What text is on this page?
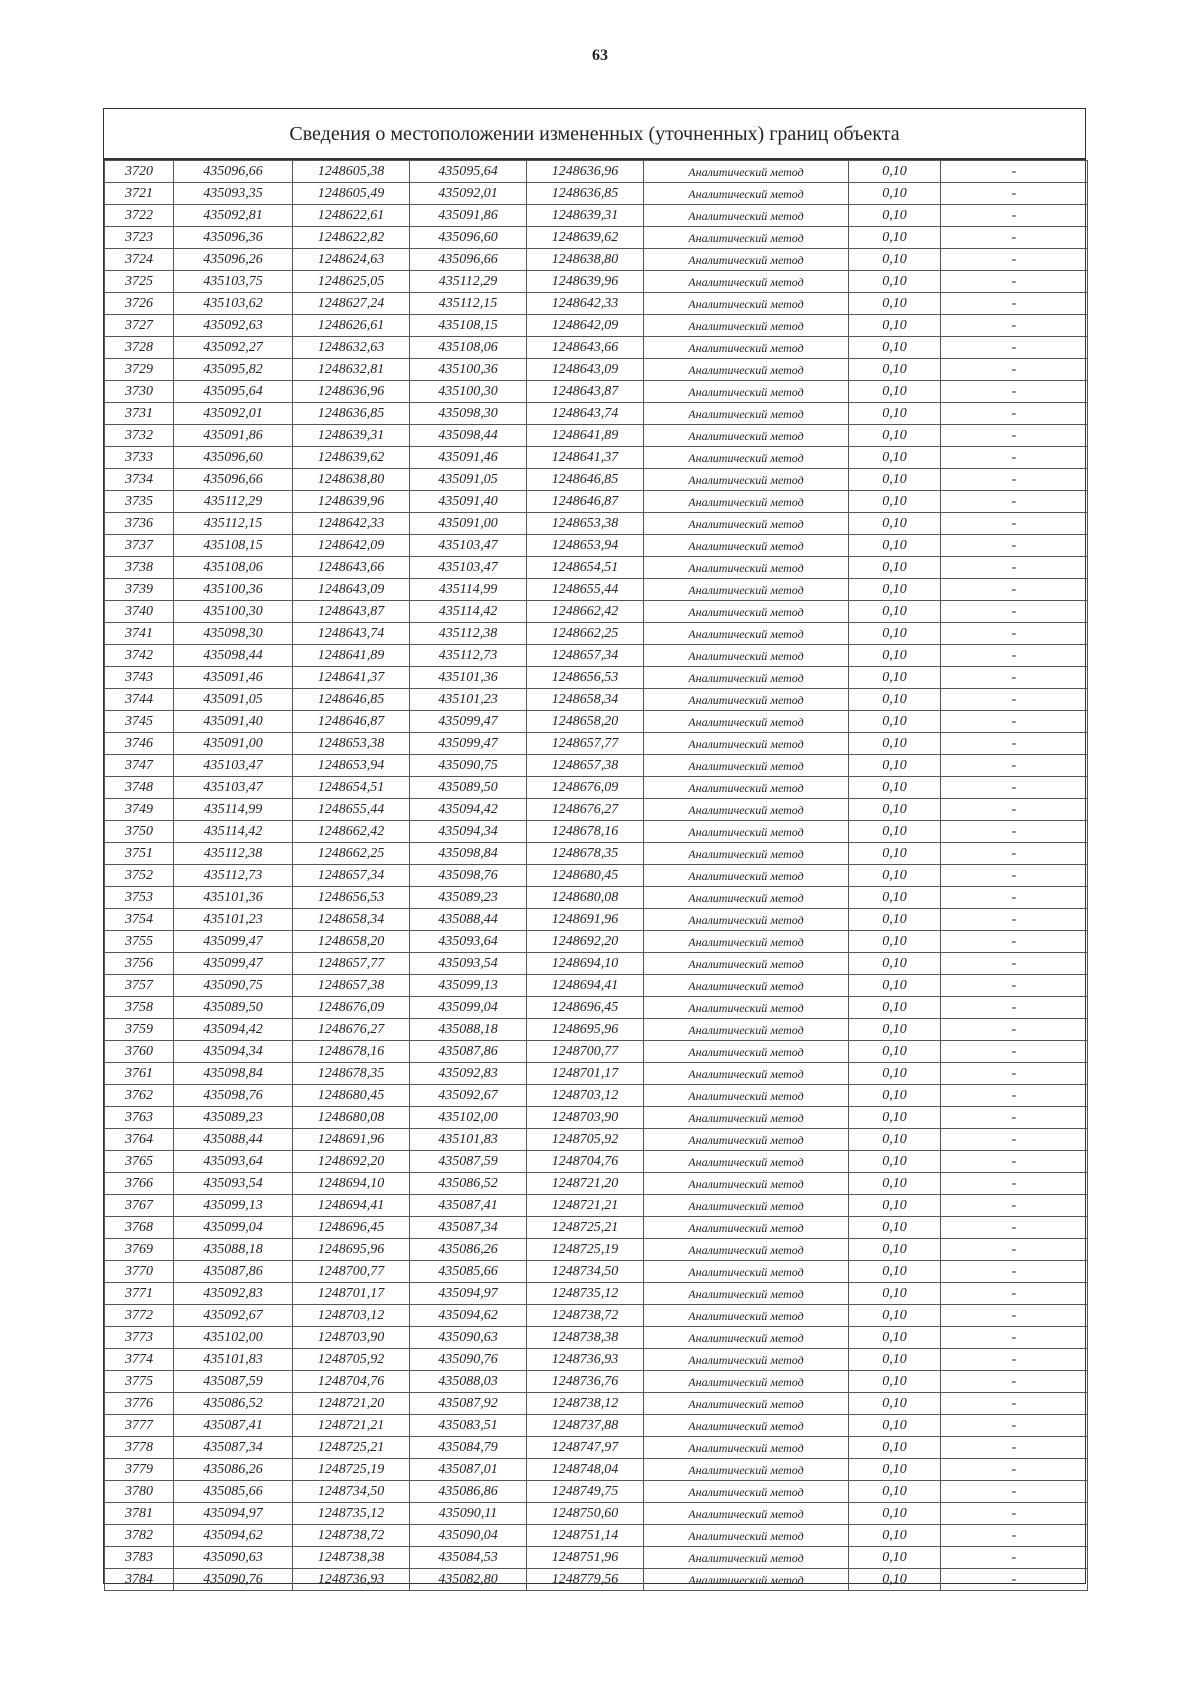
63
Сведения о местоположении измененных (уточненных) границ объекта
3720	435096,66	1248605,38	435095,64	1248636,96	Аналитический метод	0,10	-
3721	435093,35	1248605,49	435092,01	1248636,85	Аналитический метод	0,10	-
3722	435092,81	1248622,61	435091,86	1248639,31	Аналитический метод	0,10	-
3723	435096,36	1248622,82	435096,60	1248639,62	Аналитический метод	0,10	-
3724	435096,26	1248624,63	435096,66	1248638,80	Аналитический метод	0,10	-
3725	435103,75	1248625,05	435112,29	1248639,96	Аналитический метод	0,10	-
3726	435103,62	1248627,24	435112,15	1248642,33	Аналитический метод	0,10	-
3727	435092,63	1248626,61	435108,15	1248642,09	Аналитический метод	0,10	-
3728	435092,27	1248632,63	435108,06	1248643,66	Аналитический метод	0,10	-
3729	435095,82	1248632,81	435100,36	1248643,09	Аналитический метод	0,10	-
3730	435095,64	1248636,96	435100,30	1248643,87	Аналитический метод	0,10	-
3731	435092,01	1248636,85	435098,30	1248643,74	Аналитический метод	0,10	-
3732	435091,86	1248639,31	435098,44	1248641,89	Аналитический метод	0,10	-
3733	435096,60	1248639,62	435091,46	1248641,37	Аналитический метод	0,10	-
3734	435096,66	1248638,80	435091,05	1248646,85	Аналитический метод	0,10	-
3735	435112,29	1248639,96	435091,40	1248646,87	Аналитический метод	0,10	-
3736	435112,15	1248642,33	435091,00	1248653,38	Аналитический метод	0,10	-
3737	435108,15	1248642,09	435103,47	1248653,94	Аналитический метод	0,10	-
3738	435108,06	1248643,66	435103,47	1248654,51	Аналитический метод	0,10	-
3739	435100,36	1248643,09	435114,99	1248655,44	Аналитический метод	0,10	-
3740	435100,30	1248643,87	435114,42	1248662,42	Аналитический метод	0,10	-
3741	435098,30	1248643,74	435112,38	1248662,25	Аналитический метод	0,10	-
3742	435098,44	1248641,89	435112,73	1248657,34	Аналитический метод	0,10	-
3743	435091,46	1248641,37	435101,36	1248656,53	Аналитический метод	0,10	-
3744	435091,05	1248646,85	435101,23	1248658,34	Аналитический метод	0,10	-
3745	435091,40	1248646,87	435099,47	1248658,20	Аналитический метод	0,10	-
3746	435091,00	1248653,38	435099,47	1248657,77	Аналитический метод	0,10	-
3747	435103,47	1248653,94	435090,75	1248657,38	Аналитический метод	0,10	-
3748	435103,47	1248654,51	435089,50	1248676,09	Аналитический метод	0,10	-
3749	435114,99	1248655,44	435094,42	1248676,27	Аналитический метод	0,10	-
3750	435114,42	1248662,42	435094,34	1248678,16	Аналитический метод	0,10	-
3751	435112,38	1248662,25	435098,84	1248678,35	Аналитический метод	0,10	-
3752	435112,73	1248657,34	435098,76	1248680,45	Аналитический метод	0,10	-
3753	435101,36	1248656,53	435089,23	1248680,08	Аналитический метод	0,10	-
3754	435101,23	1248658,34	435088,44	1248691,96	Аналитический метод	0,10	-
3755	435099,47	1248658,20	435093,64	1248692,20	Аналитический метод	0,10	-
3756	435099,47	1248657,77	435093,54	1248694,10	Аналитический метод	0,10	-
3757	435090,75	1248657,38	435099,13	1248694,41	Аналитический метод	0,10	-
3758	435089,50	1248676,09	435099,04	1248696,45	Аналитический метод	0,10	-
3759	435094,42	1248676,27	435088,18	1248695,96	Аналитический метод	0,10	-
3760	435094,34	1248678,16	435087,86	1248700,77	Аналитический метод	0,10	-
3761	435098,84	1248678,35	435092,83	1248701,17	Аналитический метод	0,10	-
3762	435098,76	1248680,45	435092,67	1248703,12	Аналитический метод	0,10	-
3763	435089,23	1248680,08	435102,00	1248703,90	Аналитический метод	0,10	-
3764	435088,44	1248691,96	435101,83	1248705,92	Аналитический метод	0,10	-
3765	435093,64	1248692,20	435087,59	1248704,76	Аналитический метод	0,10	-
3766	435093,54	1248694,10	435086,52	1248721,20	Аналитический метод	0,10	-
3767	435099,13	1248694,41	435087,41	1248721,21	Аналитический метод	0,10	-
3768	435099,04	1248696,45	435087,34	1248725,21	Аналитический метод	0,10	-
3769	435088,18	1248695,96	435086,26	1248725,19	Аналитический метод	0,10	-
3770	435087,86	1248700,77	435085,66	1248734,50	Аналитический метод	0,10	-
3771	435092,83	1248701,17	435094,97	1248735,12	Аналитический метод	0,10	-
3772	435092,67	1248703,12	435094,62	1248738,72	Аналитический метод	0,10	-
3773	435102,00	1248703,90	435090,63	1248738,38	Аналитический метод	0,10	-
3774	435101,83	1248705,92	435090,76	1248736,93	Аналитический метод	0,10	-
3775	435087,59	1248704,76	435088,03	1248736,76	Аналитический метод	0,10	-
3776	435086,52	1248721,20	435087,92	1248738,12	Аналитический метод	0,10	-
3777	435087,41	1248721,21	435083,51	1248737,88	Аналитический метод	0,10	-
3778	435087,34	1248725,21	435084,79	1248747,97	Аналитический метод	0,10	-
3779	435086,26	1248725,19	435087,01	1248748,04	Аналитический метод	0,10	-
3780	435085,66	1248734,50	435086,86	1248749,75	Аналитический метод	0,10	-
3781	435094,97	1248735,12	435090,11	1248750,60	Аналитический метод	0,10	-
3782	435094,62	1248738,72	435090,04	1248751,14	Аналитический метод	0,10	-
3783	435090,63	1248738,38	435084,53	1248751,96	Аналитический метод	0,10	-
3784	435090,76	1248736,93	435082,80	1248779,56	Аналитический метод	0,10	-
